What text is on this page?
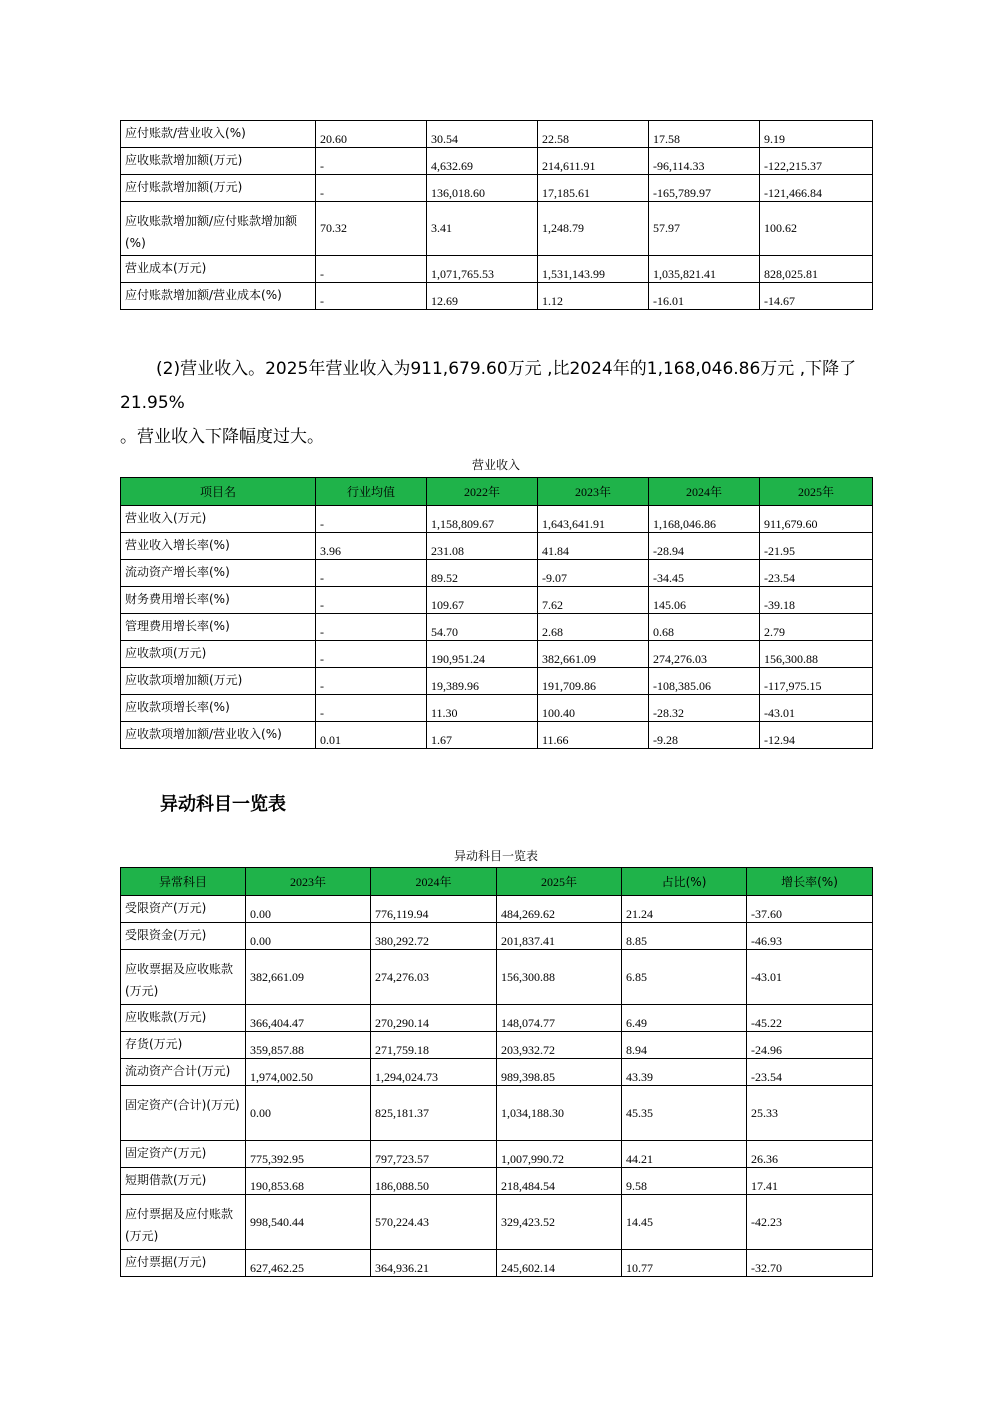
应付账款/营业收入(%)	20.60	30.54	22.58	17.58	9.19
应收账款增加额(万元)	-	4,632.69	214,611.91	-96,114.33	-122,215.37
应付账款增加额(万元)	-	136,018.60	17,185.61	-165,789.97	-121,466.84
应收账款增加额/应付账款增加额(%)	70.32	3.41	1,248.79	57.97	100.62
营业成本(万元)	-	1,071,765.53	1,531,143.99	1,035,821.41	828,025.81
应付账款增加额/营业成本(%)	-	12.69	1.12	-16.01	-14.67
(2)营业收入。2025年营业收入为911,679.60万元 ,比2024年的1,168,046.86万元 ,下降了21.95%
。营业收入下降幅度过大。
营业收入
项目名	行业均值	2022年	2023年	2024年	2025年
营业收入(万元)	-	1,158,809.67	1,643,641.91	1,168,046.86	911,679.60
营业收入增长率(%)	3.96	231.08	41.84	-28.94	-21.95
流动资产增长率(%)	-	89.52	-9.07	-34.45	-23.54
财务费用增长率(%)	-	109.67	7.62	145.06	-39.18
管理费用增长率(%)	-	54.70	2.68	0.68	2.79
应收款项(万元)	-	190,951.24	382,661.09	274,276.03	156,300.88
应收款项增加额(万元)	-	19,389.96	191,709.86	-108,385.06	-117,975.15
应收款项增长率(%)	-	11.30	100.40	-28.32	-43.01
应收款项增加额/营业收入(%)	0.01	1.67	11.66	-9.28	-12.94
异动科目一览表
异动科目一览表
异常科目	2023年	2024年	2025年	占比(%)	增长率(%)
受限资产(万元)	0.00	776,119.94	484,269.62	21.24	-37.60
受限资金(万元)	0.00	380,292.72	201,837.41	8.85	-46.93
应收票据及应收账款(万元)	382,661.09	274,276.03	156,300.88	6.85	-43.01
应收账款(万元)	366,404.47	270,290.14	148,074.77	6.49	-45.22
存货(万元)	359,857.88	271,759.18	203,932.72	8.94	-24.96
流动资产合计(万元)	1,974,002.50	1,294,024.73	989,398.85	43.39	-23.54
固定资产(合计)(万元)	0.00	825,181.37	1,034,188.30	45.35	25.33
固定资产(万元)	775,392.95	797,723.57	1,007,990.72	44.21	26.36
短期借款(万元)	190,853.68	186,088.50	218,484.54	9.58	17.41
应付票据及应付账款(万元)	998,540.44	570,224.43	329,423.52	14.45	-42.23
应付票据(万元)	627,462.25	364,936.21	245,602.14	10.77	-32.70
